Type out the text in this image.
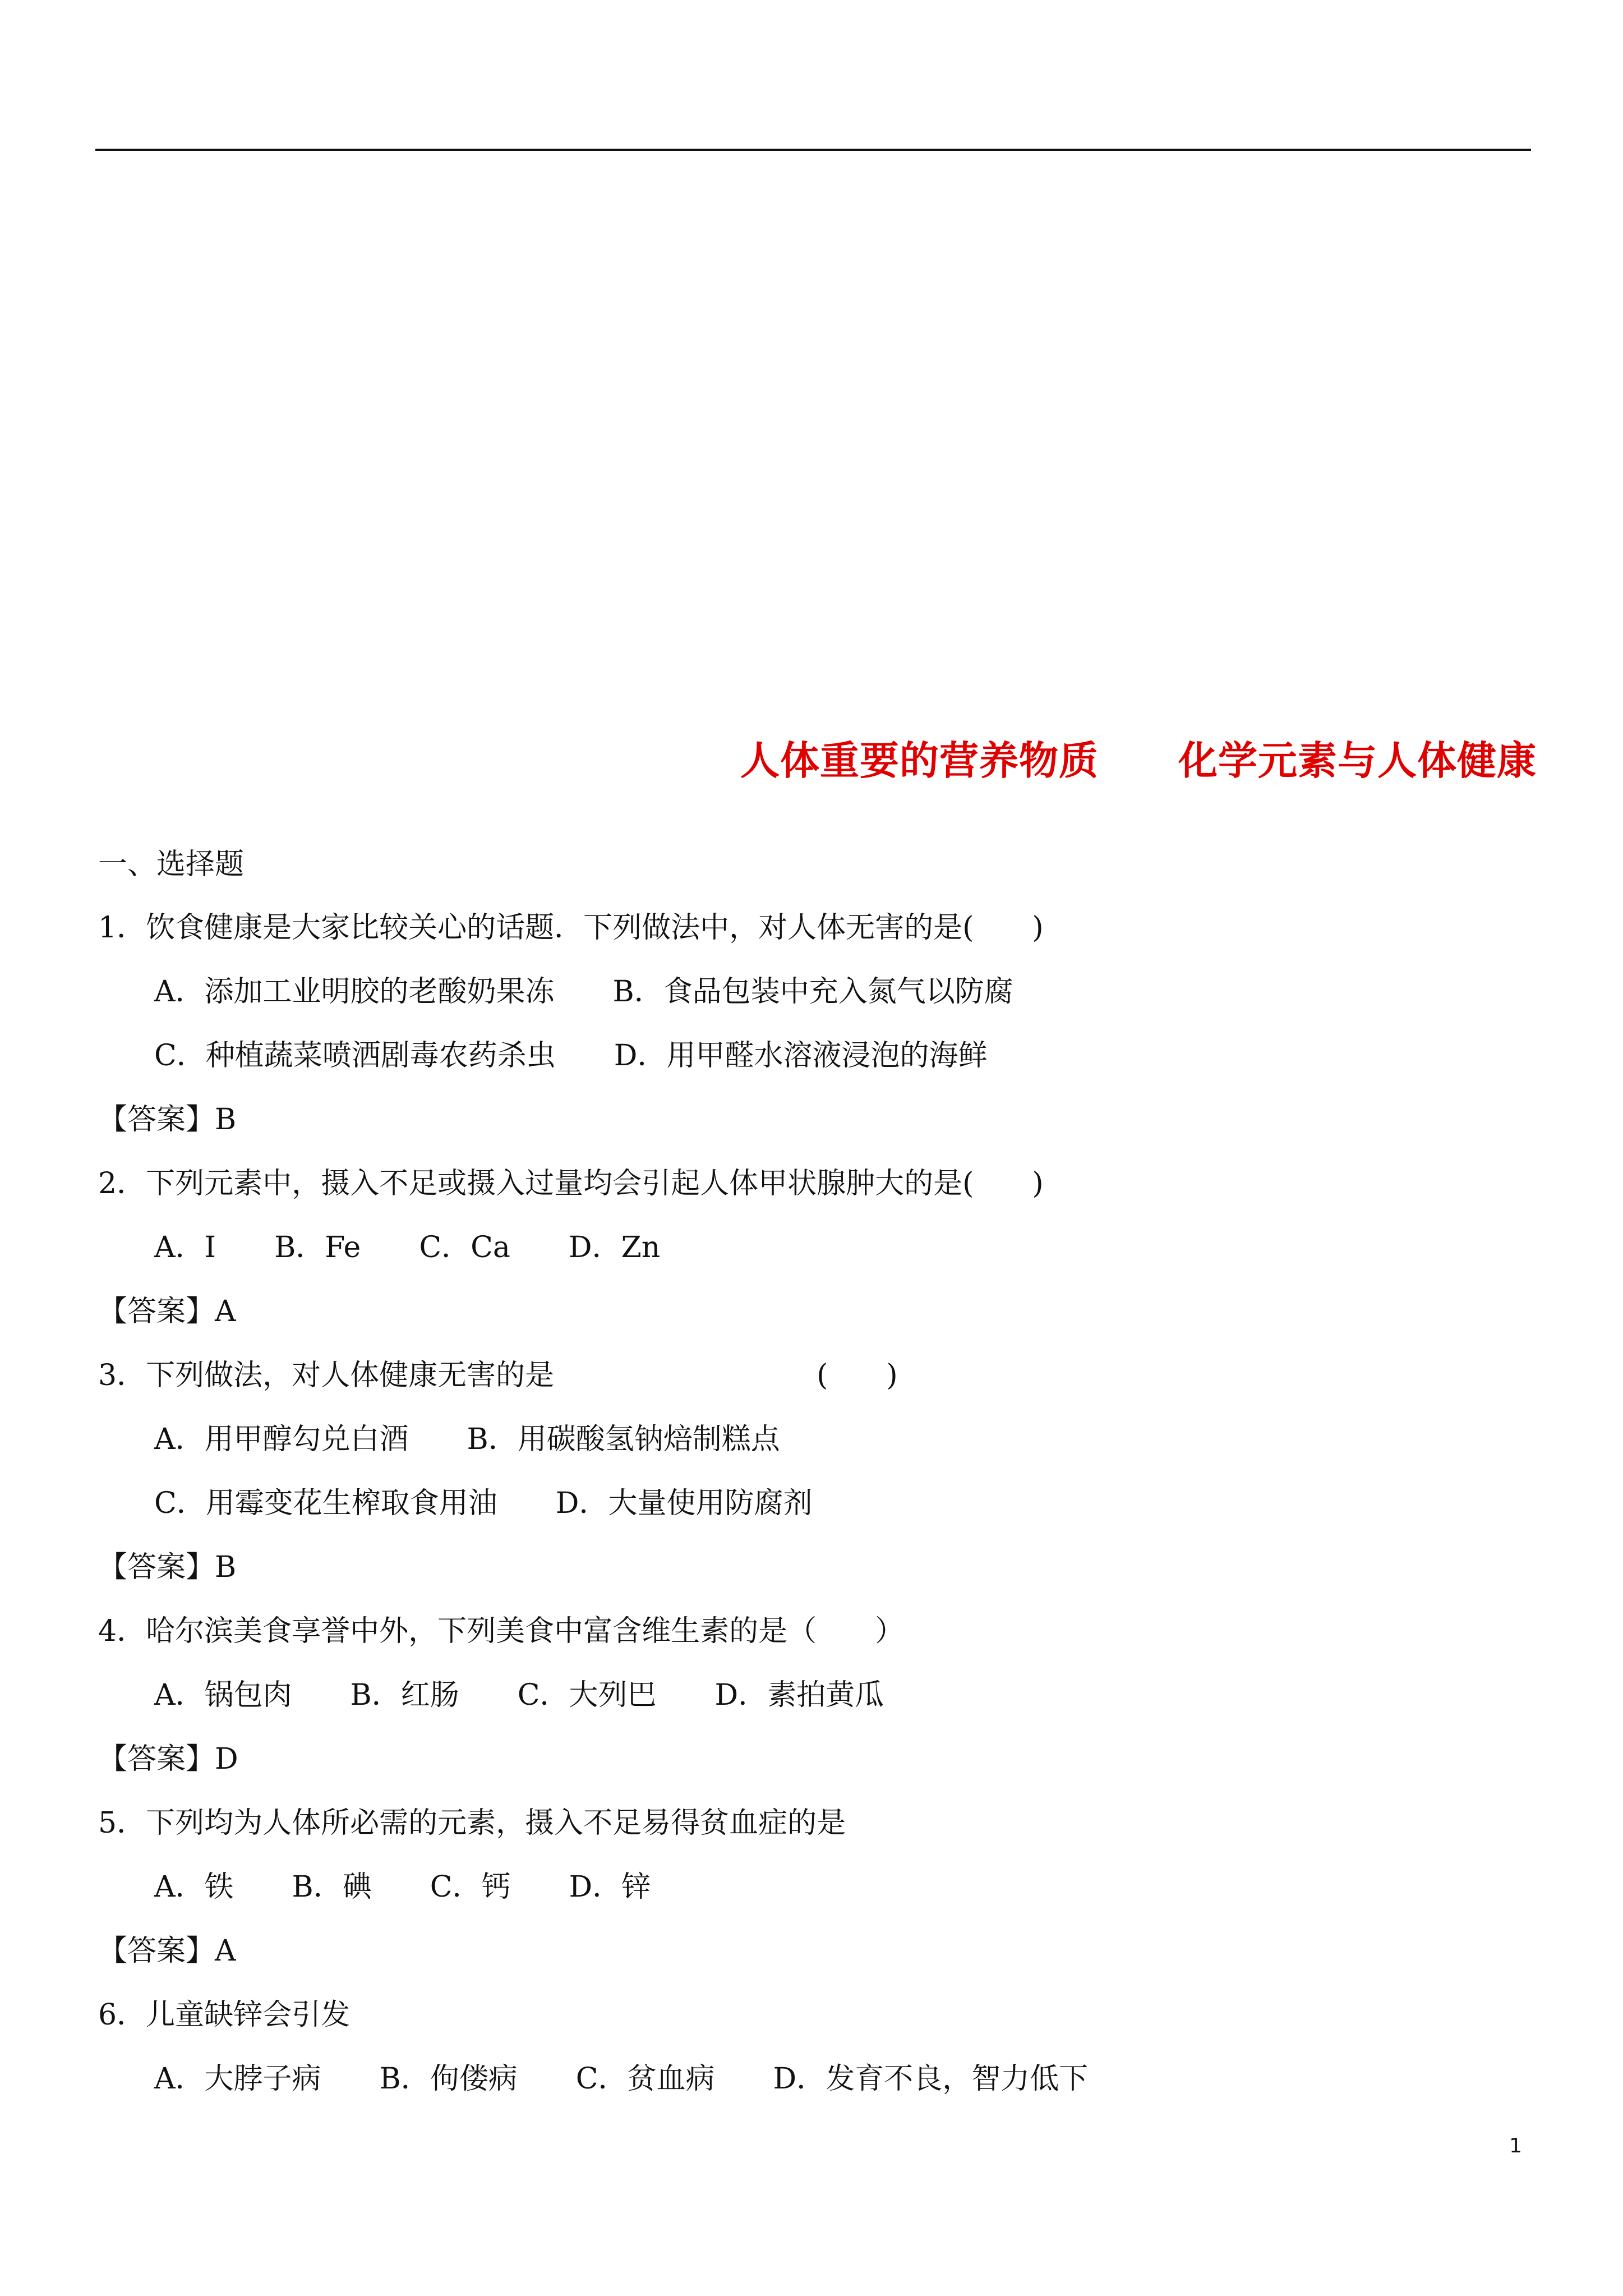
人体重要的营养物质　　化学元素与人体健康
一、选择题
1．饮食健康是大家比较关心的话题．下列做法中，对人体无害的是(　　)
A．添加工业明胶的老酸奶果冻　　B．食品包装中充入氮气以防腐
C．种植蔬菜喷洒剧毒农药杀虫　　D．用甲醛水溶液浸泡的海鲜
【答案】B
2．下列元素中，摄入不足或摄入过量均会引起人体甲状腺肿大的是(　　)
A．I　　B．Fe　　C．Ca　　D．Zn
【答案】A
3．下列做法，对人体健康无害的是　　　　　　　　　(　　)
A．用甲醇勾兑白酒　　B．用碳酸氢钠焙制糕点
C．用霉变花生榨取食用油　　D．大量使用防腐剂
【答案】B
4．哈尔滨美食享誉中外，下列美食中富含维生素的是（　　）
A．锅包肉　　B．红肠　　C．大列巴　　D．素拍黄瓜
【答案】D
5．下列均为人体所必需的元素，摄入不足易得贫血症的是
A．铁　　B．碘　　C．钙　　D．锌
【答案】A
6．儿童缺锌会引发
A．大脖子病　　B．佝偻病　　C．贫血病　　D．发育不良，智力低下
1
